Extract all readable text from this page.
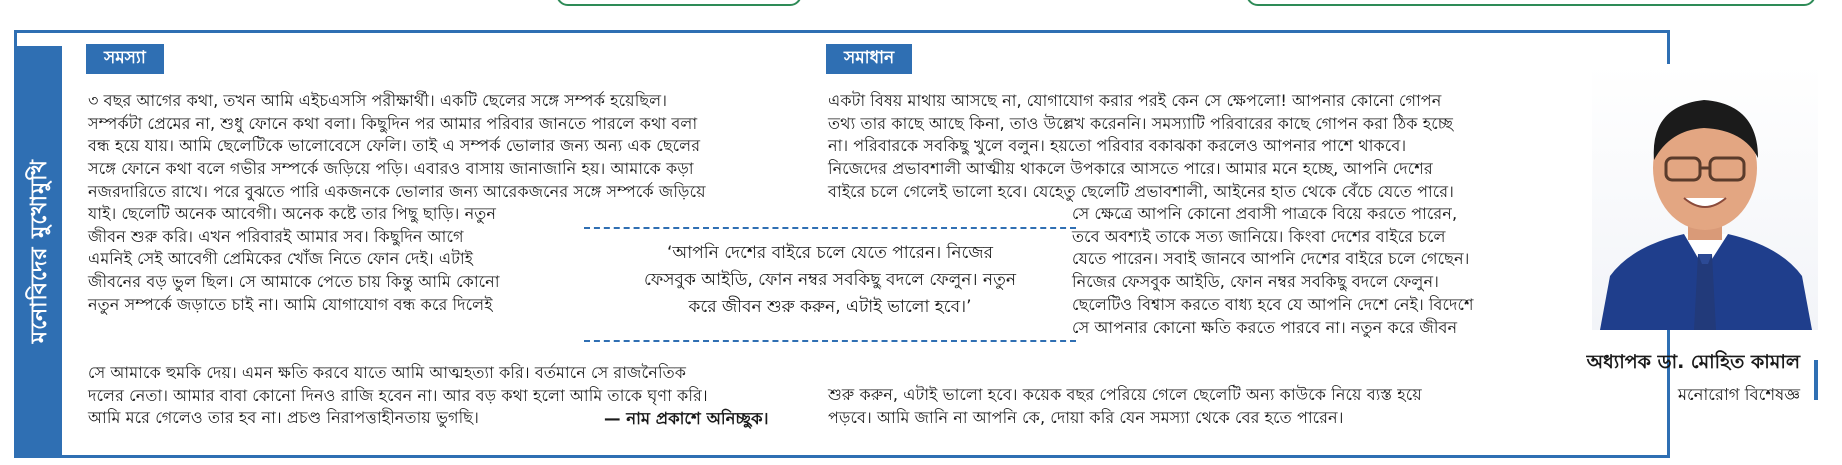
মনোবিদের মুখোমুখি
সমস্যা

৩ বছর আগের কথা, তখন আমি এইচএসসি পরীক্ষার্থী। একটি ছেলের সঙ্গে সম্পর্ক হয়েছিল।
সম্পর্কটা প্রেমের না, শুধু ফোনে কথা বলা। কিছুদিন পর আমার পরিবার জানতে পারলে কথা বলা
বন্ধ হয়ে যায়। আমি ছেলেটিকে ভালোবেসে ফেলি। তাই এ সম্পর্ক ভোলার জন্য অন্য এক ছেলের
সঙ্গে ফোনে কথা বলে গভীর সম্পর্কে জড়িয়ে পড়ি। এবারও বাসায় জানাজানি হয়। আমাকে কড়া
নজরদারিতে রাখে। পরে বুঝতে পারি একজনকে ভোলার জন্য আরেকজনের সঙ্গে সম্পর্কে জড়িয়ে

যাই। ছেলেটি অনেক আবেগী। অনেক কষ্টে তার পিছু ছাড়ি। নতুন
জীবন শুরু করি। এখন পরিবারই আমার সব। কিছুদিন আগে
এমনিই সেই আবেগী প্রেমিকের খোঁজ নিতে ফোন দেই। এটাই
জীবনের বড় ভুল ছিল। সে আমাকে পেতে চায় কিন্তু আমি কোনো
নতুন সম্পর্কে জড়াতে চাই না। আমি যোগাযোগ বন্ধ করে দিলেই

সে আমাকে হুমকি দেয়। এমন ক্ষতি করবে যাতে আমি আত্মহত্যা করি। বর্তমানে সে রাজনৈতিক
দলের নেতা। আমার বাবা কোনো দিনও রাজি হবেন না। আর বড় কথা হলো আমি তাকে ঘৃণা করি।
আমি মরে গেলেও তার হব না। প্রচণ্ড নিরাপত্তাহীনতায় ভুগছি।	— নাম প্রকাশে অনিচ্ছুক।
‘আপনি দেশের বাইরে চলে যেতে পারেন। নিজের
ফেসবুক আইডি, ফোন নম্বর সবকিছু বদলে ফেলুন। নতুন
করে জীবন শুরু করুন, এটাই ভালো হবে।’
সমাধান

একটা বিষয় মাথায় আসছে না, যোগাযোগ করার পরই কেন সে ক্ষেপলো! আপনার কোনো গোপন
তথ্য তার কাছে আছে কিনা, তাও উল্লেখ করেননি। সমস্যাটি পরিবারের কাছে গোপন করা ঠিক হচ্ছে
না। পরিবারকে সবকিছু খুলে বলুন। হয়তো পরিবার বকাঝকা করলেও আপনার পাশে থাকবে।
নিজেদের প্রভাবশালী আত্মীয় থাকলে উপকারে আসতে পারে। আমার মনে হচ্ছে, আপনি দেশের
বাইরে চলে গেলেই ভালো হবে। যেহেতু ছেলেটি প্রভাবশালী, আইনের হাত থেকে বেঁচে যেতে পারে।

সে ক্ষেত্রে আপনি কোনো প্রবাসী পাত্রকে বিয়ে করতে পারেন,
তবে অবশ্যই তাকে সত্য জানিয়ে। কিংবা দেশের বাইরে চলে
যেতে পারেন। সবাই জানবে আপনি দেশের বাইরে চলে গেছেন।
নিজের ফেসবুক আইডি, ফোন নম্বর সবকিছু বদলে ফেলুন।
ছেলেটিও বিশ্বাস করতে বাধ্য হবে যে আপনি দেশে নেই। বিদেশে
সে আপনার কোনো ক্ষতি করতে পারবে না। নতুন করে জীবন

শুরু করুন, এটাই ভালো হবে। কয়েক বছর পেরিয়ে গেলে ছেলেটি অন্য কাউকে নিয়ে ব্যস্ত হয়ে
পড়বে। আমি জানি না আপনি কে, দোয়া করি যেন সমস্যা থেকে বের হতে পারেন।

অধ্যাপক ডা. মোহিত কামাল
মনোরোগ বিশেষজ্ঞ
